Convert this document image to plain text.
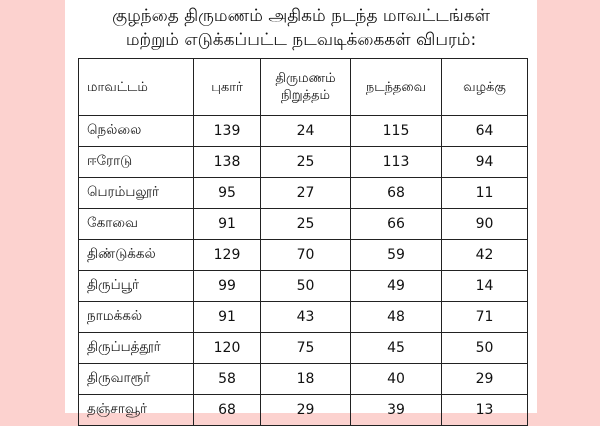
குழந்தை திருமணம் அதிகம் நடந்த மாவட்டங்கள்
மற்றும் எடுக்கப்பட்ட நடவடிக்கைகள் விபரம்:
மாவட்டம்	புகார்	திருமணம் நிறுத்தம்	நடந்தவை	வழக்கு
நெல்லை	139	24	115	64
ஈரோடு	138	25	113	94
பெரம்பலூர்	95	27	68	11
கோவை	91	25	66	90
திண்டுக்கல்	129	70	59	42
திருப்பூர்	99	50	49	14
நாமக்கல்	91	43	48	71
திருப்பத்தூர்	120	75	45	50
திருவாரூர்	58	18	40	29
தஞ்சாவூர்	68	29	39	13
